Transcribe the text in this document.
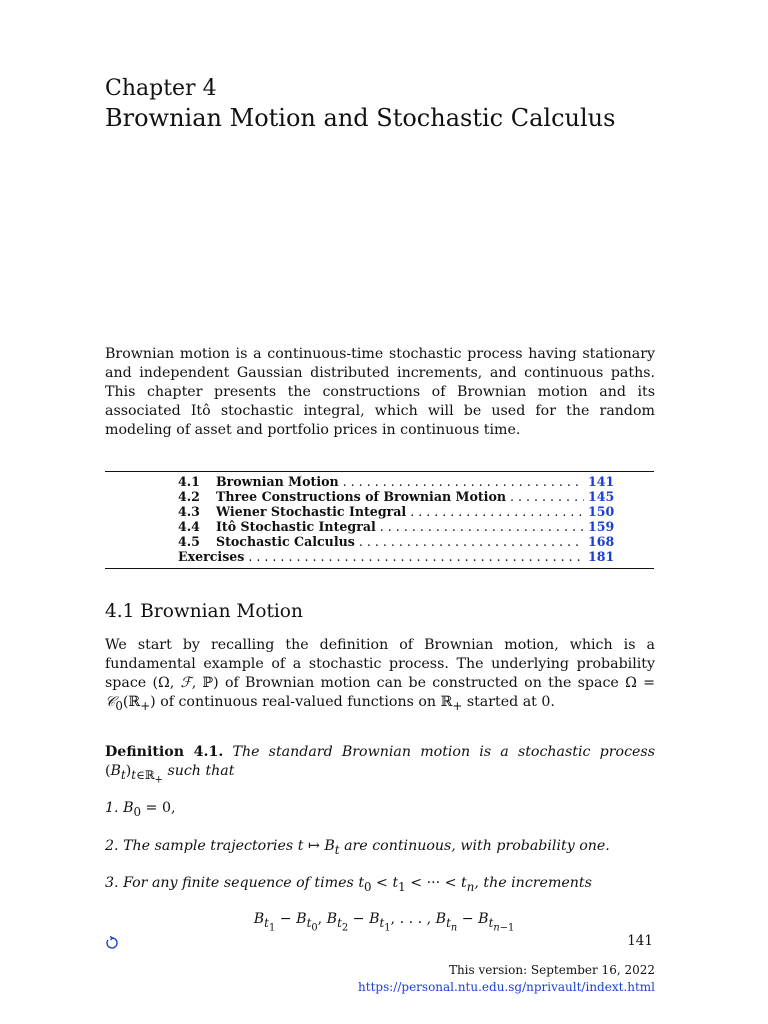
Chapter 4
Brownian Motion and Stochastic Calculus
Brownian motion is a continuous-time stochastic process having stationary and independent Gaussian distributed increments, and continuous paths. This chapter presents the constructions of Brownian motion and its associated Itô stochastic integral, which will be used for the random modeling of asset and portfolio prices in continuous time.
4.1	Brownian Motion . . .	141
4.2	Three Constructions of Brownian Motion . . .	145
4.3	Wiener Stochastic Integral . . .	150
4.4	Itô Stochastic Integral . . .	159
4.5	Stochastic Calculus . . .	168
Exercises . . .	181
4.1 Brownian Motion
We start by recalling the definition of Brownian motion, which is a fundamental example of a stochastic process. The underlying probability space (Ω, ℱ, ℙ) of Brownian motion can be constructed on the space Ω = 𝒞$_0$(ℝ$_+$) of continuous real-valued functions on ℝ$_+$ started at 0.
Definition 4.1. The standard Brownian motion is a stochastic process $(B_t)_{t\in ℝ_+}$ such that
1. $B_0 = 0$,
2. The sample trajectories t ↦ $B_t$ are continuous, with probability one.
3. For any finite sequence of times $t_0 < t_1$ < ··· < $t_n$, the increments
$B_{t_1} - B_{t_0}$, $B_{t_2} - B_{t_1}$, . . . , $B_{t_n} - B_{t_{n-1}}$
141
This version: September 16, 2022
https://personal.ntu.edu.sg/nprivault/indext.html
